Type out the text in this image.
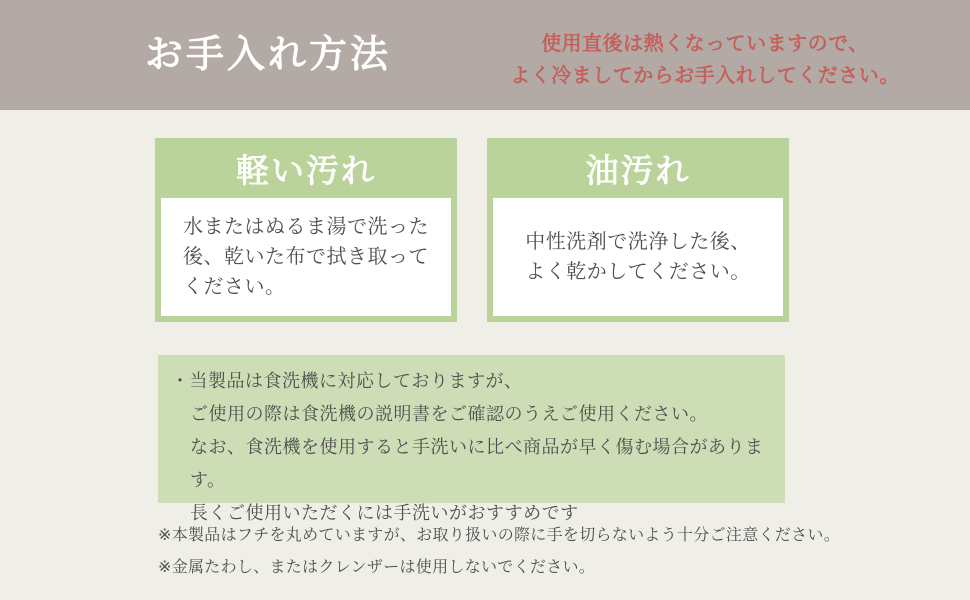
お手入れ方法	使用直後は熱くなっていますので、
よく冷ましてからお手入れしてください。
軽い汚れ
水またはぬるま湯で洗った
後、乾いた布で拭き取って
ください。
油汚れ
中性洗剤で洗浄した後、
よく乾かしてください。
・当製品は食洗機に対応しておりますが、
ご使用の際は食洗機の説明書をご確認のうえご使用ください。
なお、食洗機を使用すると手洗いに比べ商品が早く傷む場合があります。
長くご使用いただくには手洗いがおすすめです
※本製品はフチを丸めていますが、お取り扱いの際に手を切らないよう十分ご注意ください。
※金属たわし、またはクレンザーは使用しないでください。
